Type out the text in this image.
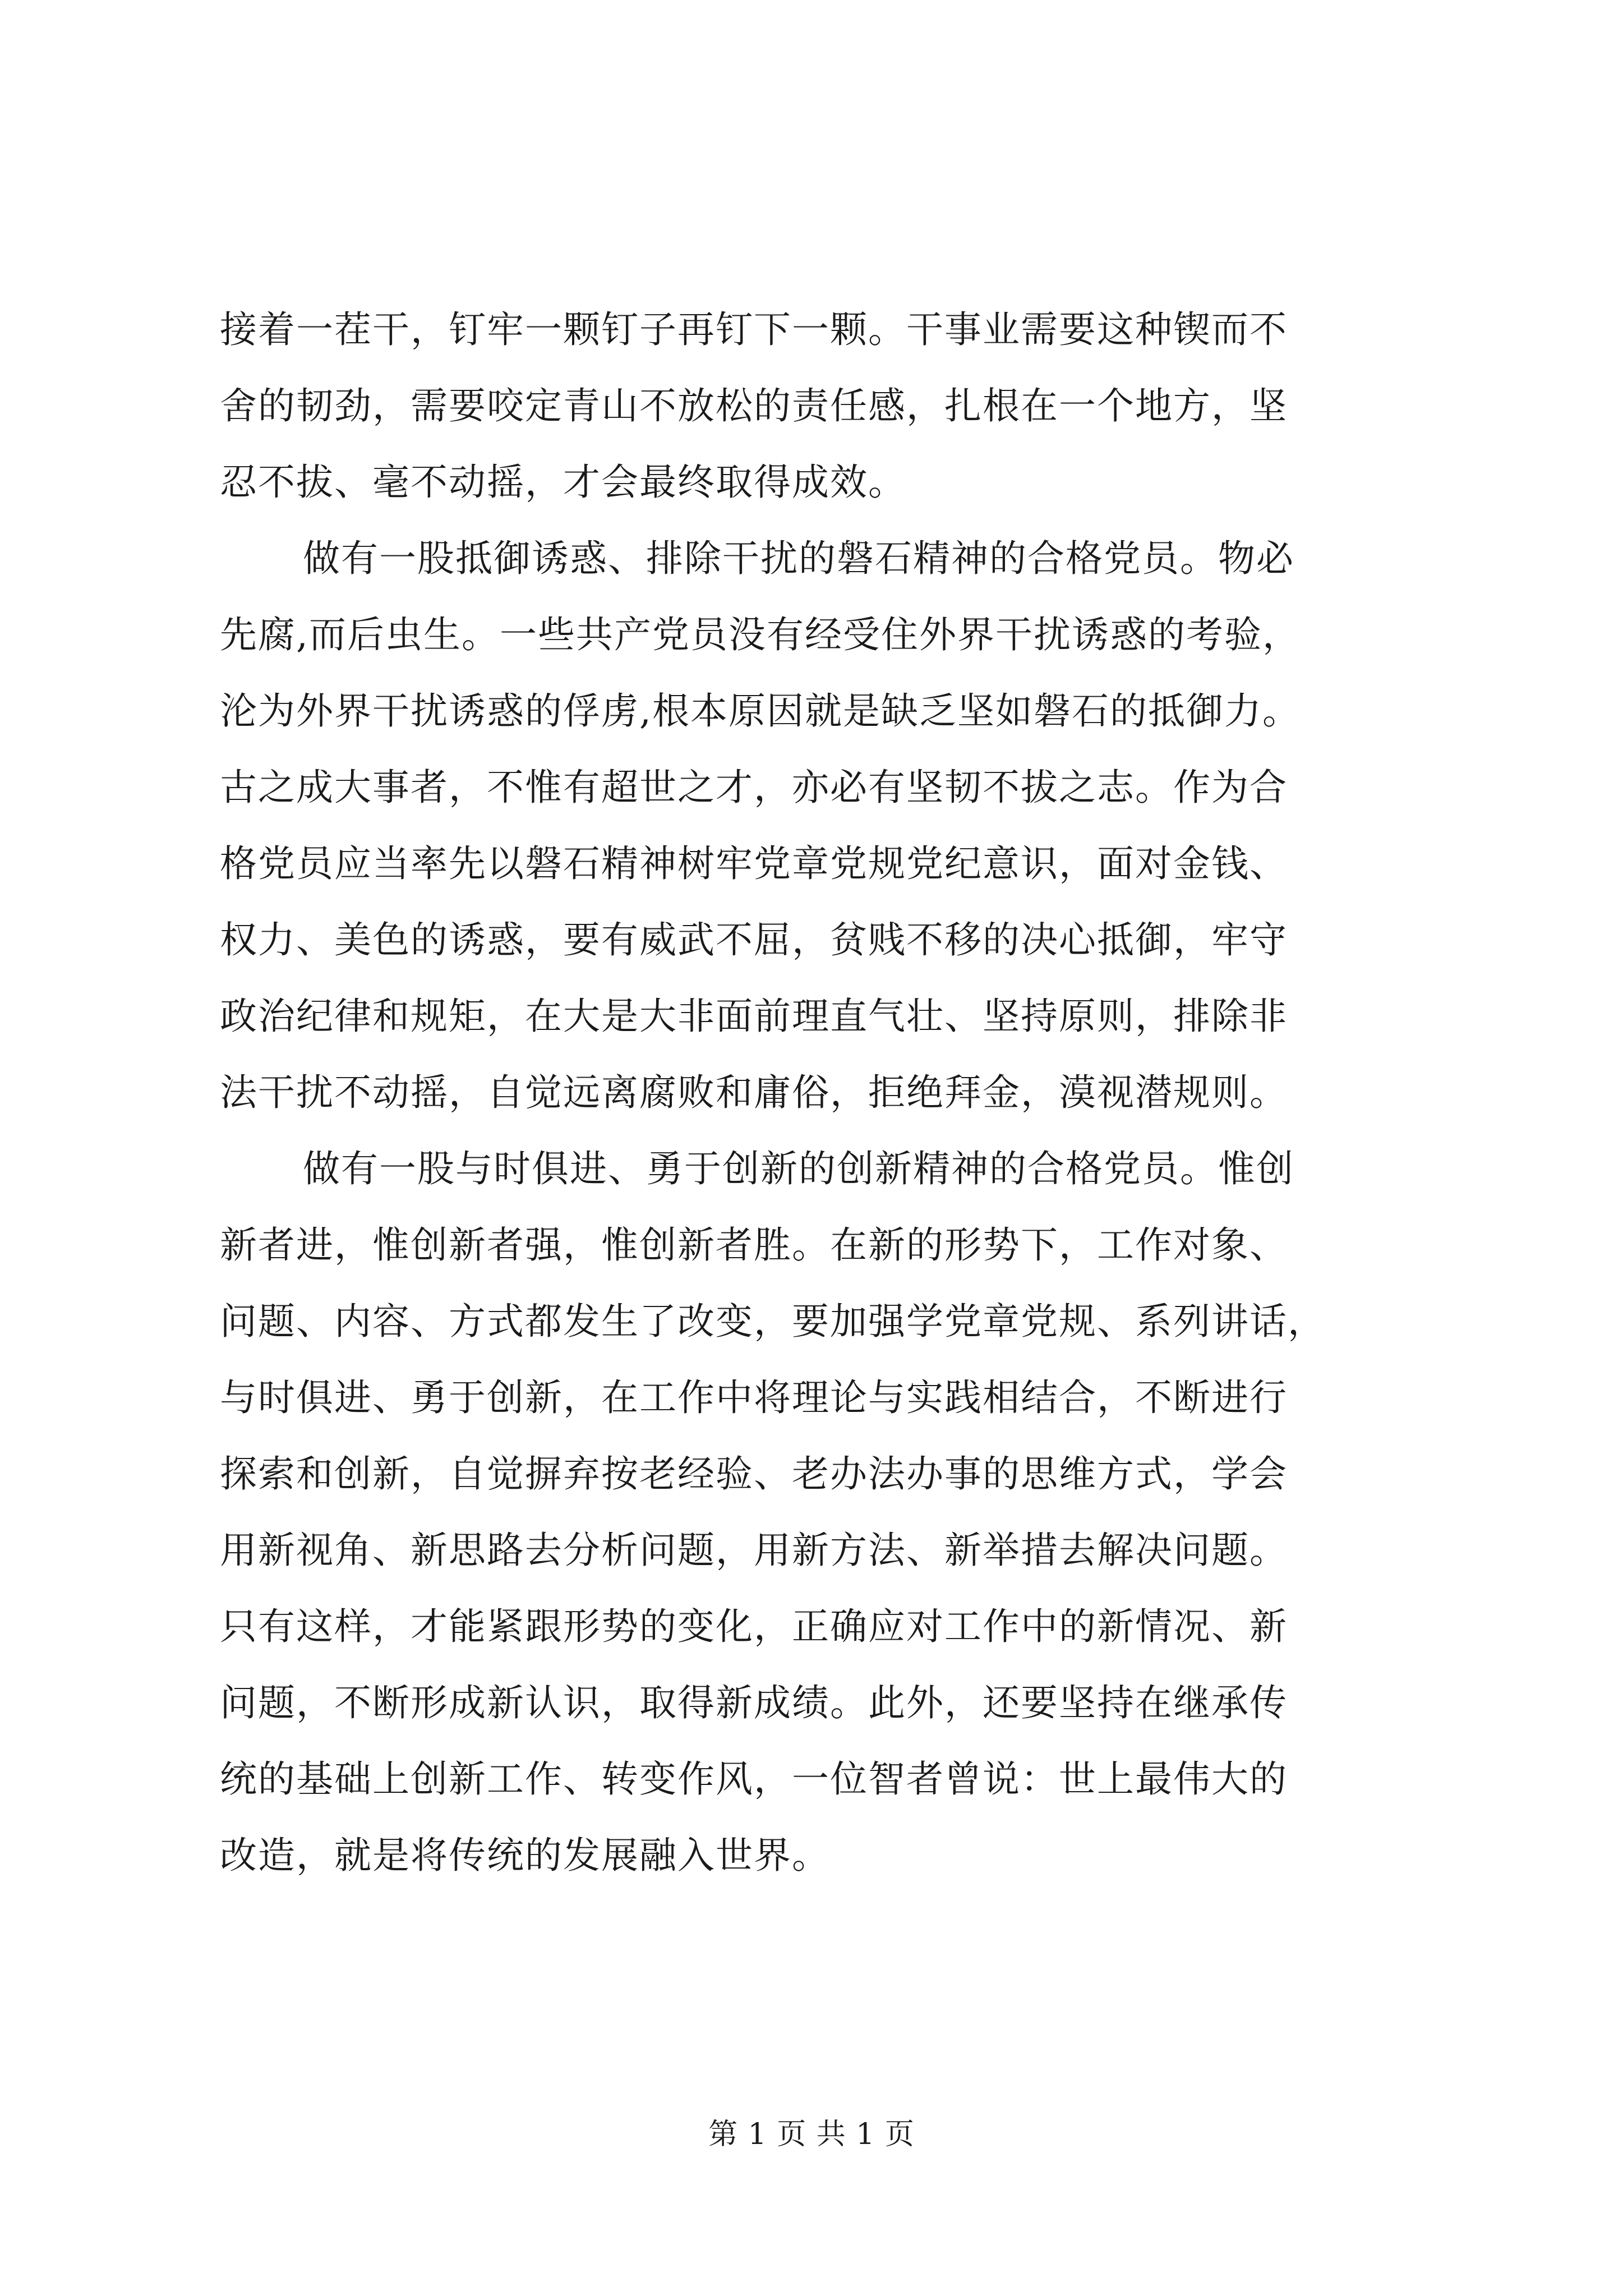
接着一茬干，钉牢一颗钉子再钉下一颗。干事业需要这种锲而不
舍的韧劲，需要咬定青山不放松的责任感，扎根在一个地方，坚
忍不拔、毫不动摇，才会最终取得成效。
做有一股抵御诱惑、排除干扰的磐石精神的合格党员。物必
先腐,而后虫生。一些共产党员没有经受住外界干扰诱惑的考验，
沦为外界干扰诱惑的俘虏,根本原因就是缺乏坚如磐石的抵御力。
古之成大事者，不惟有超世之才，亦必有坚韧不拔之志。作为合
格党员应当率先以磐石精神树牢党章党规党纪意识，面对金钱、
权力、美色的诱惑，要有威武不屈，贫贱不移的决心抵御，牢守
政治纪律和规矩，在大是大非面前理直气壮、坚持原则，排除非
法干扰不动摇，自觉远离腐败和庸俗，拒绝拜金，漠视潜规则。
做有一股与时俱进、勇于创新的创新精神的合格党员。惟创
新者进，惟创新者强，惟创新者胜。在新的形势下，工作对象、
问题、内容、方式都发生了改变，要加强学党章党规、系列讲话，
与时俱进、勇于创新，在工作中将理论与实践相结合，不断进行
探索和创新，自觉摒弃按老经验、老办法办事的思维方式，学会
用新视角、新思路去分析问题，用新方法、新举措去解决问题。
只有这样，才能紧跟形势的变化，正确应对工作中的新情况、新
问题，不断形成新认识，取得新成绩。此外，还要坚持在继承传
统的基础上创新工作、转变作风，一位智者曾说：世上最伟大的
改造，就是将传统的发展融入世界。
第 1 页 共 1 页
